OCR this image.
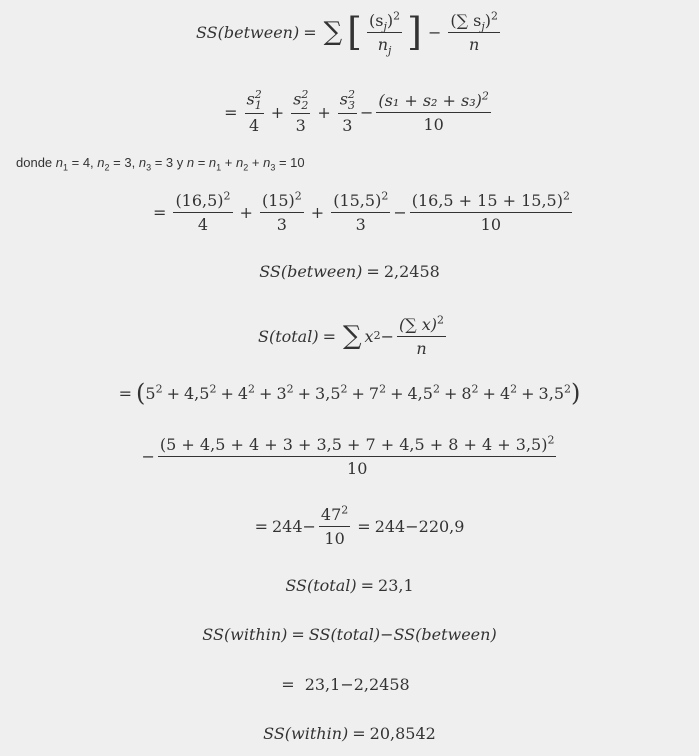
SS(between) = ∑ [ $\frac{(s_j)^2}{n_j}$ ] − $\frac{(\sum s_j)^2}{n}$
= s 2
1
4 + s 2
2
3 + s 2
3
$3 - \frac{(s_1 + s_2 + s_3)^2}{10}$
donde $n_1 = 4$, $n_2 = 3$, $n_3 = 3$ y $n = n_1 + n_2 + n_3 = 10$
= $\frac{(16,5)^2}{4} + \frac{(15)^2}{3} + \frac{(15,5)^2}{3} - \frac{(16,5 + 15 + 15,5)^2}{10}$
SS(between) = 2,2458
S(total) = ∑ x $2 - \frac{(\sum x)^2}{n}$
= ( $5^2 + 4,5^2 + 4^2 + 3^2 + 3,5^2 + 7^2 + 4,5^2 + 8^2 + 4^2 + 3,5^2$ )
− $\frac{(5 + 4,5 + 4 + 3 + 3,5 + 7 + 4,5 + 8 + 4 + 3,5)^2}{10}$
= $244 - \frac{47^2}{10} = 244-220,9$
SS(total) = 23,1
SS(within) = SS(total) − SS(between)
= 23,1−2,2458
SS(within) = 20,8542
